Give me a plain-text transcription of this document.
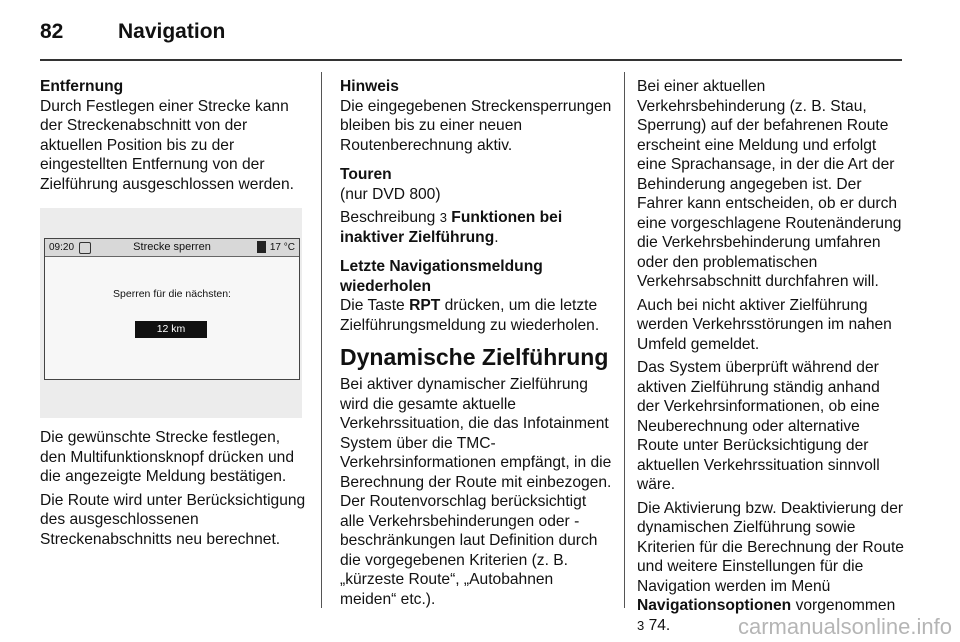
82	Navigation
Entfernung

Durch Festlegen einer Strecke kann der Streckenabschnitt von der aktuellen Position bis zu der eingestellten Entfernung von der Zielführung ausgeschlossen werden.

09:20	Strecke sperren	17 °C
Sperren für die nächsten:
12 km

Die gewünschte Strecke festlegen, den Multifunktionsknopf drücken und die angezeigte Meldung bestätigen.

Die Route wird unter Berücksichtigung des ausgeschlossenen Streckenabschnitts neu berechnet.

Hinweis

Die eingegebenen Streckensperrungen bleiben bis zu einer neuen Routenberechnung aktiv.

Touren

(nur DVD 800)

Beschreibung 3 Funktionen bei inaktiver Zielführung.

Letzte Navigationsmeldung wiederholen

Die Taste RPT drücken, um die letzte Zielführungsmeldung zu wiederholen.

Dynamische Zielführung

Bei aktiver dynamischer Zielführung wird die gesamte aktuelle Verkehrssituation, die das Infotainment System über die TMC-Verkehrsinformationen empfängt, in die Berechnung der Route mit einbezogen. Der Routenvorschlag berücksichtigt alle Verkehrsbehinderungen oder -beschränkungen laut Definition durch die vorgegebenen Kriterien (z. B. „kürzeste Route“, „Autobahnen meiden“ etc.).

Bei einer aktuellen Verkehrsbehinderung (z. B. Stau, Sperrung) auf der befahrenen Route erscheint eine Meldung und erfolgt eine Sprachansage, in der die Art der Behinderung angegeben ist. Der Fahrer kann entscheiden, ob er durch eine vorgeschlagene Routenänderung die Verkehrsbehinderung umfahren oder den problematischen Verkehrsabschnitt durchfahren will.

Auch bei nicht aktiver Zielführung werden Verkehrsstörungen im nahen Umfeld gemeldet.

Das System überprüft während der aktiven Zielführung ständig anhand der Verkehrsinformationen, ob eine Neuberechnung oder alternative Route unter Berücksichtigung der aktuellen Verkehrssituation sinnvoll wäre.

Die Aktivierung bzw. Deaktivierung der dynamischen Zielführung sowie Kriterien für die Berechnung der Route und weitere Einstellungen für die Navigation werden im Menü Navigationsoptionen vorgenommen 3 74.	carmanualsonline.info
